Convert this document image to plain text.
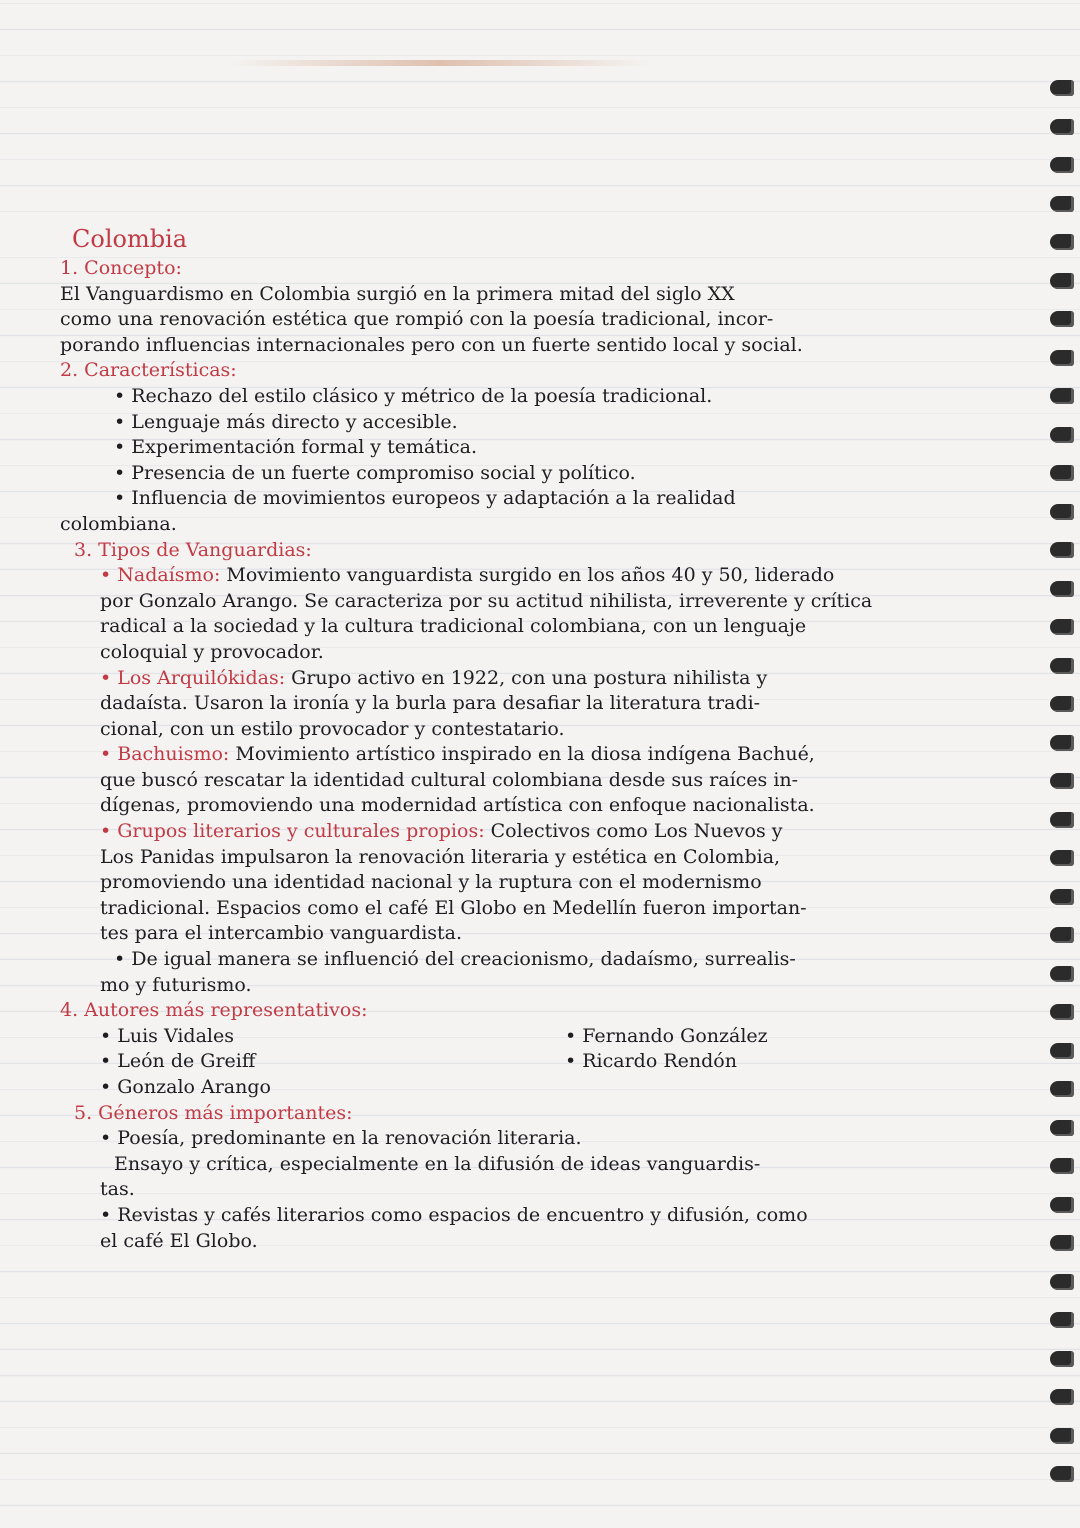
Colombia
1. Concepto:
El Vanguardismo en Colombia surgió en la primera mitad del siglo XX
como una renovación estética que rompió con la poesía tradicional, incor-
porando influencias internacionales pero con un fuerte sentido local y social.
2. Características:
• Rechazo del estilo clásico y métrico de la poesía tradicional.
• Lenguaje más directo y accesible.
• Experimentación formal y temática.
• Presencia de un fuerte compromiso social y político.
• Influencia de movimientos europeos y adaptación a la realidad
colombiana.
3. Tipos de Vanguardias:
• Nadaísmo: Movimiento vanguardista surgido en los años 40 y 50, liderado
por Gonzalo Arango. Se caracteriza por su actitud nihilista, irreverente y crítica
radical a la sociedad y la cultura tradicional colombiana, con un lenguaje
coloquial y provocador.
• Los Arquilókidas: Grupo activo en 1922, con una postura nihilista y
dadaísta. Usaron la ironía y la burla para desafiar la literatura tradi-
cional, con un estilo provocador y contestatario.
• Bachuismo: Movimiento artístico inspirado en la diosa indígena Bachué,
que buscó rescatar la identidad cultural colombiana desde sus raíces in-
dígenas, promoviendo una modernidad artística con enfoque nacionalista.
• Grupos literarios y culturales propios: Colectivos como Los Nuevos y
Los Panidas impulsaron la renovación literaria y estética en Colombia,
promoviendo una identidad nacional y la ruptura con el modernismo
tradicional. Espacios como el café El Globo en Medellín fueron importan-
tes para el intercambio vanguardista.
• De igual manera se influenció del creacionismo, dadaísmo, surrealis-
mo y futurismo.
4. Autores más representativos:
• Luis Vidales
• León de Greiff
• Gonzalo Arango
• Fernando González
• Ricardo Rendón
5. Géneros más importantes:
• Poesía, predominante en la renovación literaria.
Ensayo y crítica, especialmente en la difusión de ideas vanguardis-
tas.
• Revistas y cafés literarios como espacios de encuentro y difusión, como
el café El Globo.
